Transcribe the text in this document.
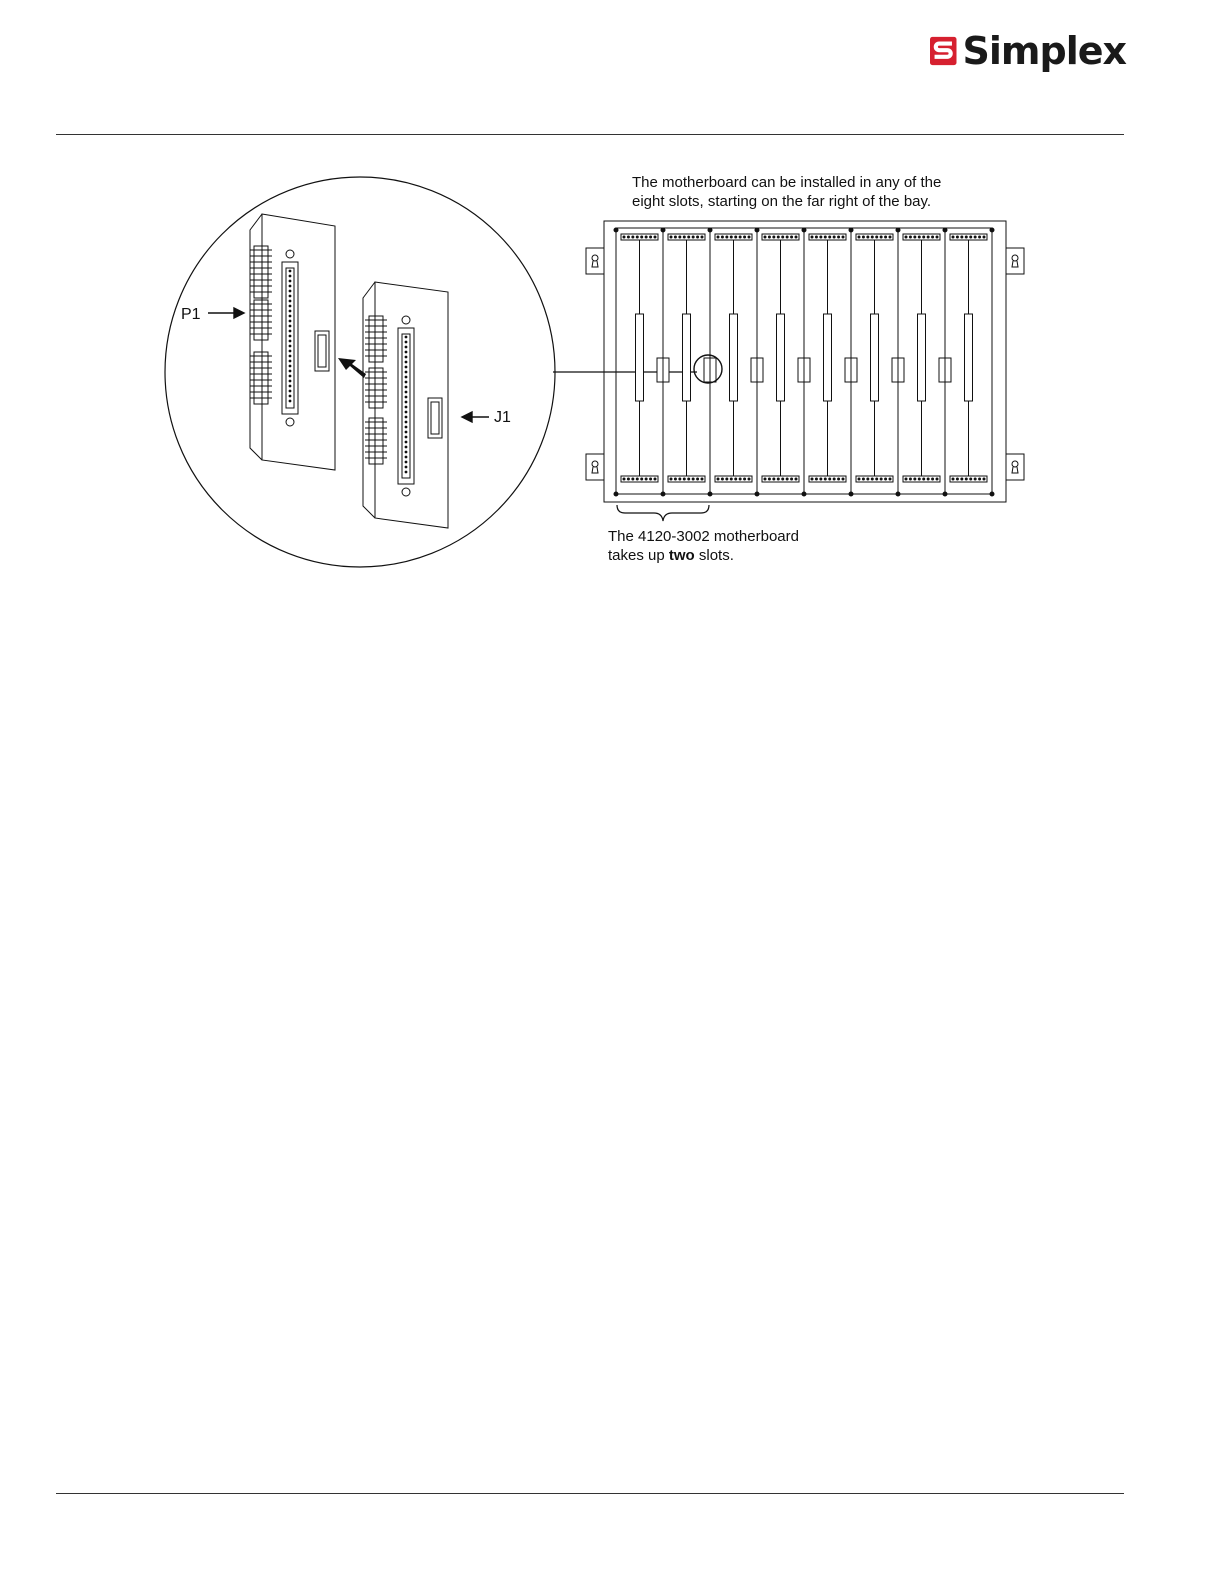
Simplex
The motherboard can be installed in any of the
eight slots, starting on the far right of the bay.
The 4120-3002 motherboard
takes up two slots.
P1
J1
